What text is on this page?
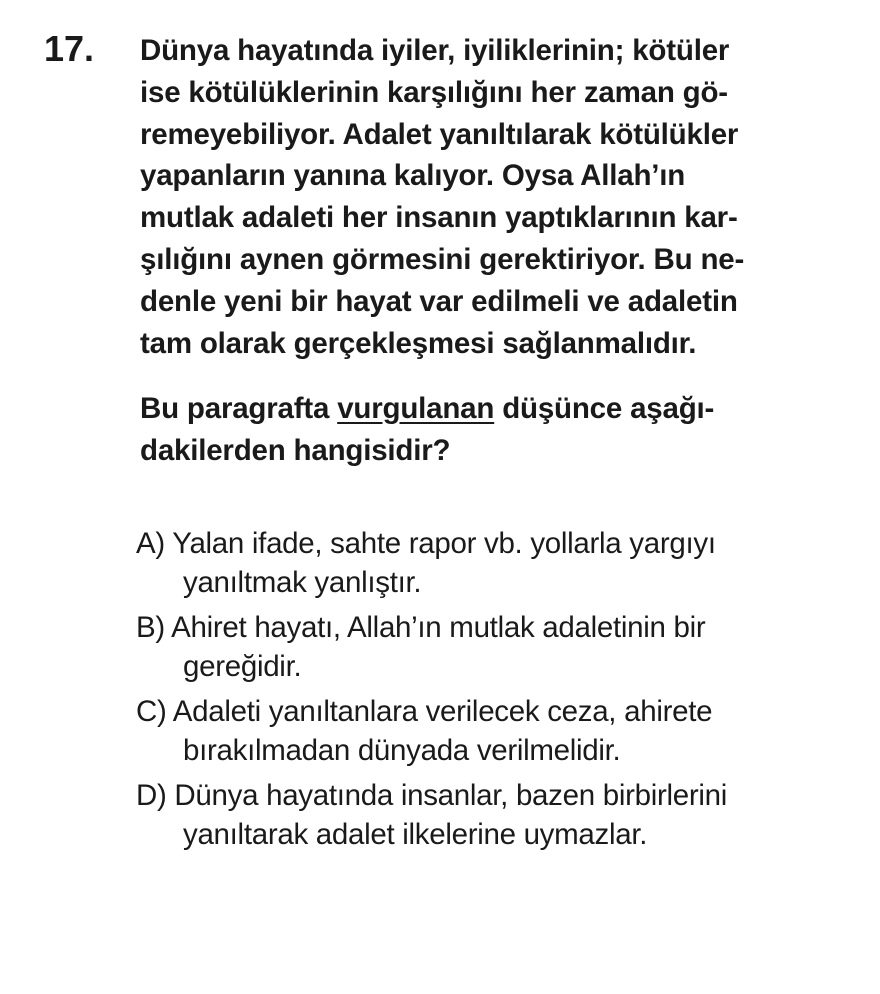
17. Dünya hayatında iyiler, iyiliklerinin; kötüler
ise kötülüklerinin karşılığını her zaman gö-
remeyebiliyor. Adalet yanıltılarak kötülükler
yapanların yanına kalıyor. Oysa Allah’ın
mutlak adaleti her insanın yaptıklarının kar-
şılığını aynen görmesini gerektiriyor. Bu ne-
denle yeni bir hayat var edilmeli ve adaletin
tam olarak gerçekleşmesi sağlanmalıdır.
Bu paragrafta vurgulanan düşünce aşağı-
dakilerden hangisidir?
A) Yalan ifade, sahte rapor vb. yollarla yargıyı
yanıltmak yanlıştır.
B) Ahiret hayatı, Allah’ın mutlak adaletinin bir
gereğidir.
C) Adaleti yanıltanlara verilecek ceza, ahirete
bırakılmadan dünyada verilmelidir.
D) Dünya hayatında insanlar, bazen birbirlerini
yanıltarak adalet ilkelerine uymazlar.
